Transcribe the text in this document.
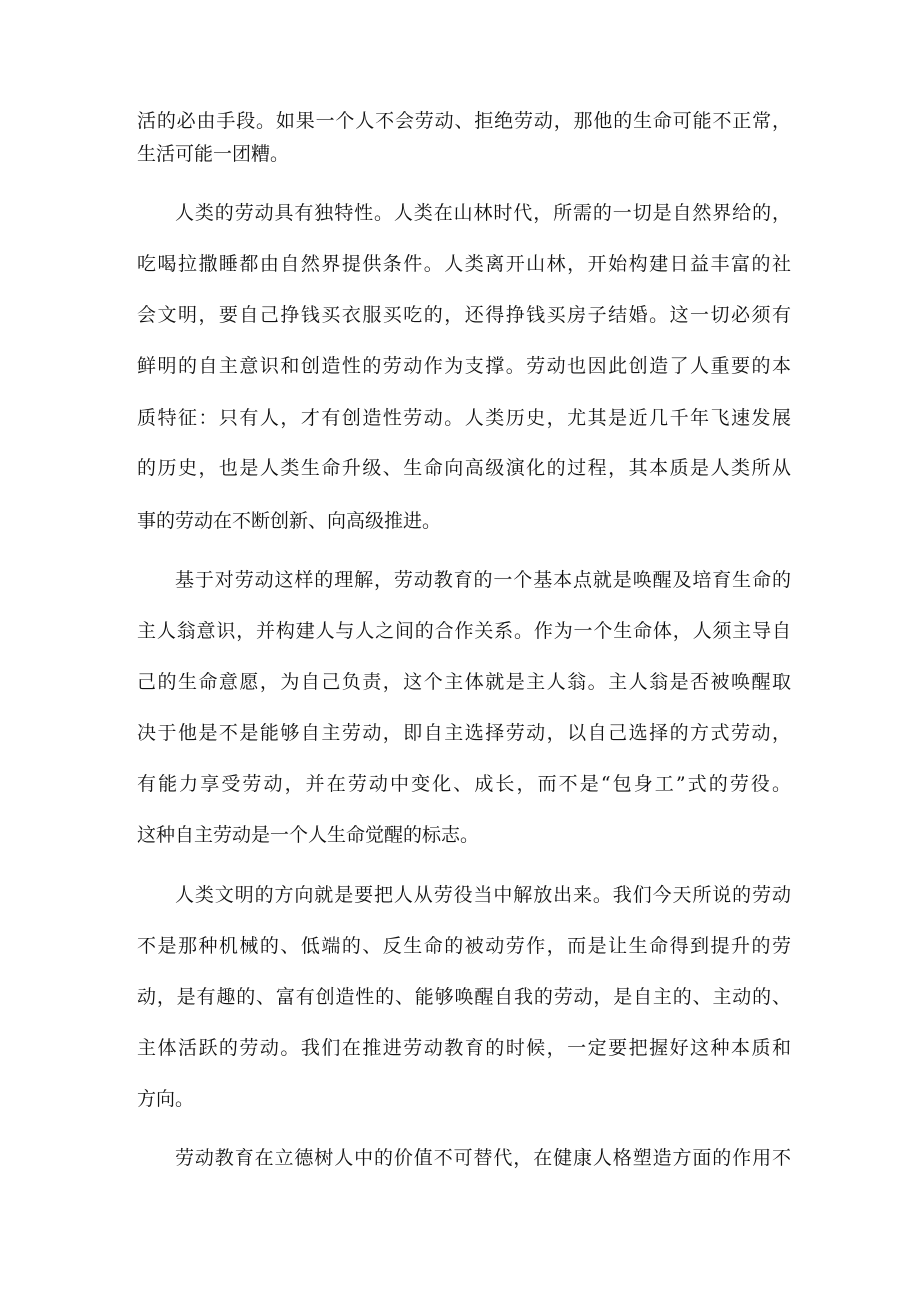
活的必由手段。如果一个人不会劳动、拒绝劳动，那他的生命可能不正常，
生活可能一团糟。
人类的劳动具有独特性。人类在山林时代，所需的一切是自然界给的，
吃喝拉撒睡都由自然界提供条件。人类离开山林，开始构建日益丰富的社
会文明，要自己挣钱买衣服买吃的，还得挣钱买房子结婚。这一切必须有
鲜明的自主意识和创造性的劳动作为支撑。劳动也因此创造了人重要的本
质特征：只有人，才有创造性劳动。人类历史，尤其是近几千年飞速发展
的历史，也是人类生命升级、生命向高级演化的过程，其本质是人类所从
事的劳动在不断创新、向高级推进。
基于对劳动这样的理解，劳动教育的一个基本点就是唤醒及培育生命的
主人翁意识，并构建人与人之间的合作关系。作为一个生命体，人须主导自
己的生命意愿，为自己负责，这个主体就是主人翁。主人翁是否被唤醒取
决于他是不是能够自主劳动，即自主选择劳动，以自己选择的方式劳动，
有能力享受劳动，并在劳动中变化、成长，而不是“包身工”式的劳役。
这种自主劳动是一个人生命觉醒的标志。
人类文明的方向就是要把人从劳役当中解放出来。我们今天所说的劳动
不是那种机械的、低端的、反生命的被动劳作，而是让生命得到提升的劳
动，是有趣的、富有创造性的、能够唤醒自我的劳动，是自主的、主动的、
主体活跃的劳动。我们在推进劳动教育的时候，一定要把握好这种本质和
方向。
劳动教育在立德树人中的价值不可替代，在健康人格塑造方面的作用不
